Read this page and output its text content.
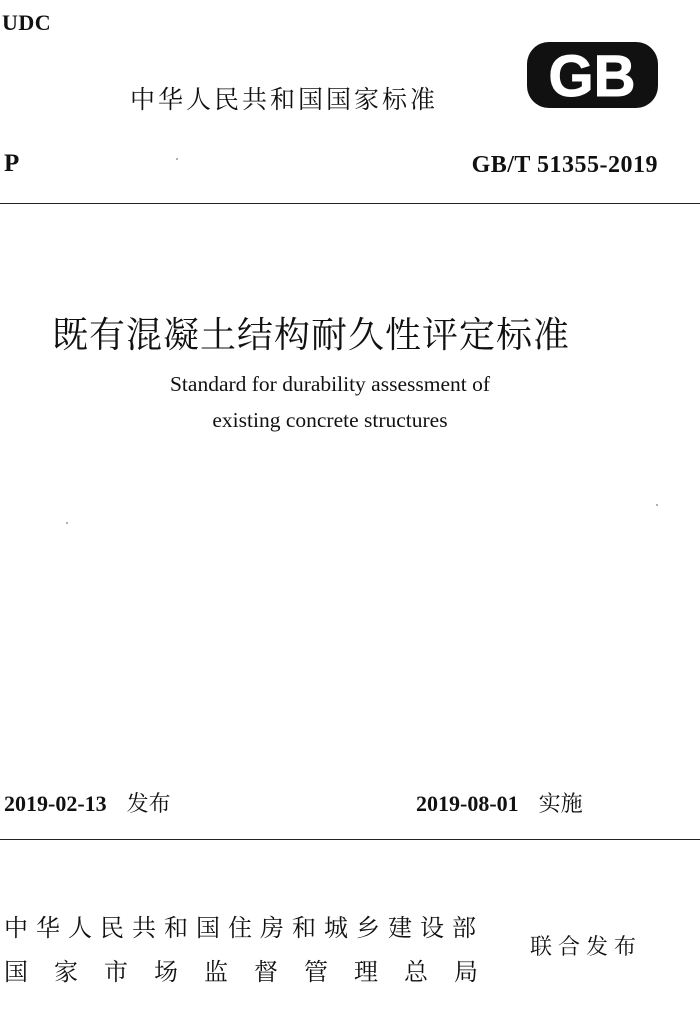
UDC
中华人民共和国国家标准 GB
P	GB/T 51355-2019
既有混凝土结构耐久性评定标准
Standard for durability assessment of
existing concrete structures
2019-02-13 发布	2019-08-01 实施
中华人民共和国住房和城乡建设部
国家市场监督管理总局
联合发布
